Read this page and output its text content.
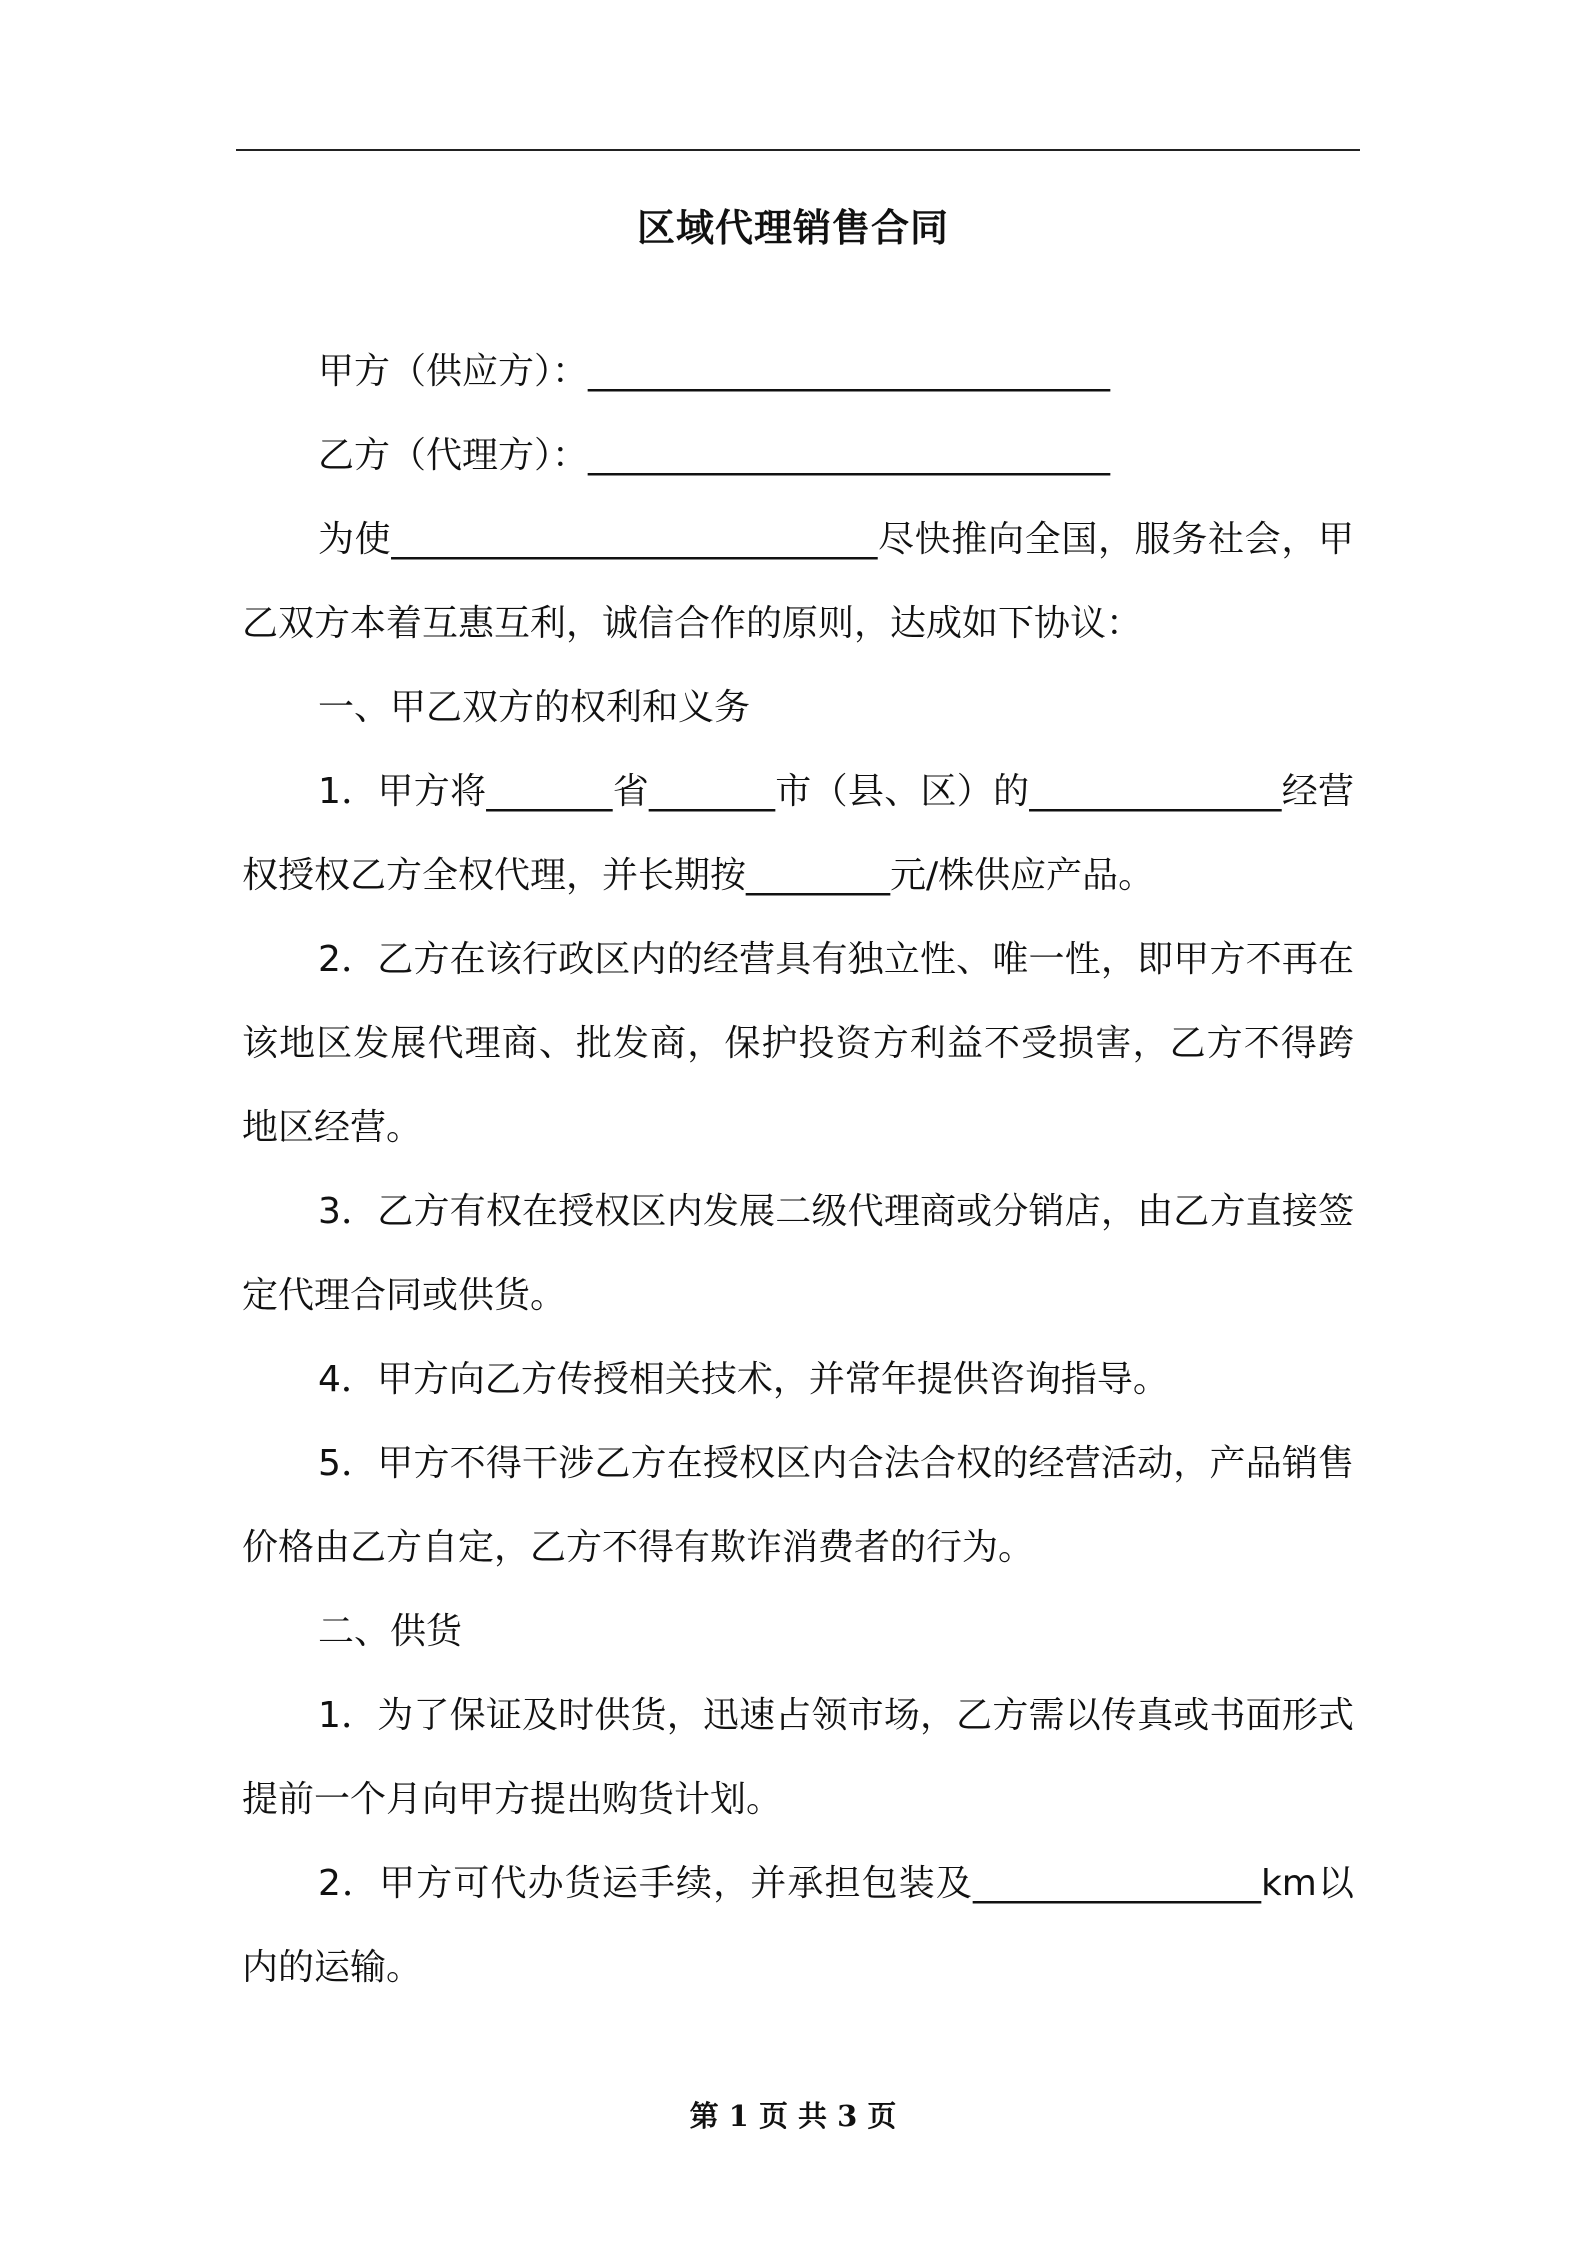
区域代理销售合同

甲方（供应方）：_____________________________

乙方（代理方）：_____________________________

为使___________________________尽快推向全国，服务社会，甲乙双方本着互惠互利，诚信合作的原则，达成如下协议：

一、甲乙双方的权利和义务

1．甲方将_______省_______市（县、区）的______________经营权授权乙方全权代理，并长期按________元/株供应产品。

2．乙方在该行政区内的经营具有独立性、唯一性，即甲方不再在该地区发展代理商、批发商，保护投资方利益不受损害，乙方不得跨地区经营。

3．乙方有权在授权区内发展二级代理商或分销店，由乙方直接签定代理合同或供货。

4．甲方向乙方传授相关技术，并常年提供咨询指导。

5．甲方不得干涉乙方在授权区内合法合权的经营活动，产品销售价格由乙方自定，乙方不得有欺诈消费者的行为。

二、供货

1．为了保证及时供货，迅速占领市场，乙方需以传真或书面形式提前一个月向甲方提出购货计划。

2．甲方可代办货运手续，并承担包装及________________km以内的运输。

第 1 页 共 3 页
